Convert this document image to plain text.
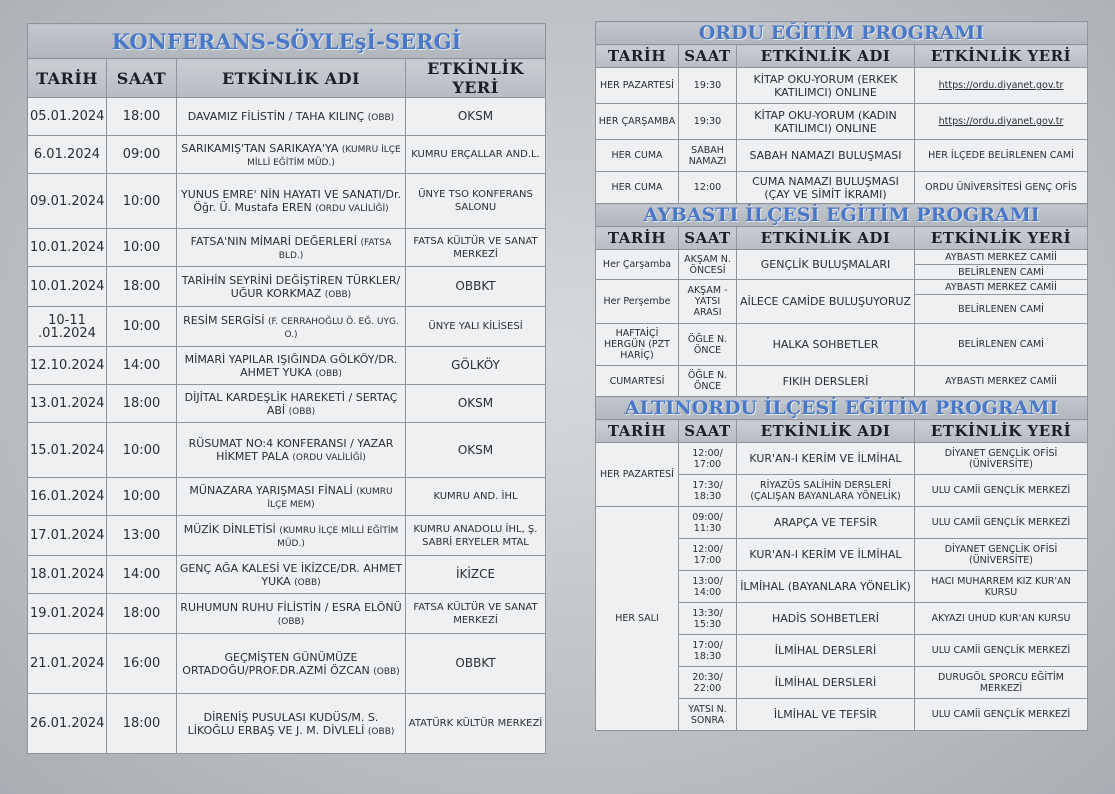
KONFERANS-SÖYLEşİ-SERGİ			
TARİH	SAAT	ETKİNLİK ADI	ETKİNLİK YERİ
05.01.2024	18:00	DAVAMIZ FİLİSTİN / TAHA KILINÇ (OBB)	OKSM
6.01.2024	09:00	SARIKAMIŞ'TAN SARIKAYA'YA (KUMRU İLÇE MİLLİ EĞİTİM MÜD.)	KUMRU ERÇALLAR AND.L.
09.01.2024	10:00	YUNUS EMRE' NİN HAYATI VE SANATI/Dr. Öğr. Ü. Mustafa EREN (ORDU VALİLİĞİ)	ÜNYE TSO KONFERANS SALONU
10.01.2024	10:00	FATSA'NIN MİMARİ DEĞERLERİ (FATSA BLD.)	FATSA KÜLTÜR VE SANAT MERKEZİ
10.01.2024	18:00	TARİHİN SEYRİNİ DEĞİŞTİREN TÜRKLER/ UĞUR KORKMAZ (OBB)	OBBKT
10-11 .01.2024	10:00	RESİM SERGİSİ (F. CERRAHOĞLU Ö. EĞ. UYG. O.)	ÜNYE YALI KİLİSESİ
12.10.2024	14:00	MİMARİ YAPILAR IŞIĞINDA GÖLKÖY/DR. AHMET YUKA (OBB)	GÖLKÖY
13.01.2024	18:00	DİJİTAL KARDEŞLİK HAREKETİ / SERTAÇ ABİ (OBB)	OKSM
15.01.2024	10:00	RÜSUMAT NO:4 KONFERANSI / YAZAR HİKMET PALA (ORDU VALİLİĞİ)	OKSM
16.01.2024	10:00	MÜNAZARA YARIŞMASI FİNALİ (KUMRU İLÇE MEM)	KUMRU AND. İHL
17.01.2024	13:00	MÜZİK DİNLETİSİ (KUMRU İLÇE MİLLİ EĞİTİM MÜD.)	KUMRU ANADOLU İHL, Ş. SABRİ ERYELER MTAL
18.01.2024	14:00	GENÇ AĞA KALESİ VE İKİZCE/DR. AHMET YUKA (OBB)	İKİZCE
19.01.2024	18:00	RUHUMUN RUHU FİLİSTİN / ESRA ELÖNÜ (OBB)	FATSA KÜLTÜR VE SANAT MERKEZİ
21.01.2024	16:00	GEÇMİŞTEN GÜNÜMÜZE ORTADOĞU/PROF.DR.AZMİ ÖZCAN (OBB)	OBBKT
26.01.2024	18:00	DİRENİŞ PUSULASI KUDÜS/M. S. LİKOĞLU ERBAŞ VE J. M. DİVLELİ (OBB)	ATATÜRK KÜLTÜR MERKEZİ
ORDU EĞİTİM PROGRAMI			
TARİH	SAAT	ETKİNLİK ADI	ETKİNLİK YERİ
HER PAZARTESİ	19:30	KİTAP OKU-YORUM (ERKEK KATILIMCI) ONLINE	https://ordu.diyanet.gov.tr
HER ÇARŞAMBA	19:30	KİTAP OKU-YORUM (KADIN KATILIMCI) ONLINE	https://ordu.diyanet.gov.tr
HER CUMA	SABAH NAMAZI	SABAH NAMAZI BULUŞMASI	HER İLÇEDE BELİRLENEN CAMİ
HER CUMA	12:00	CUMA NAMAZI BULUŞMASI (ÇAY VE SİMİT İKRAMI)	ORDU ÜNİVERSİTESİ GENÇ OFİS
AYBASTI İLÇESİ EĞİTİM PROGRAMI			
TARİH	SAAT	ETKİNLİK ADI	ETKİNLİK YERİ
Her Çarşamba	AKŞAM N. ÖNCESİ	GENÇLİK BULUŞMALARI	AYBASTI MERKEZ CAMİİ
			BELİRLENEN CAMİ
Her Perşembe	AKŞAM - YATSI ARASI	AİLECE CAMİDE BULUŞUYORUZ	AYBASTI MERKEZ CAMİİ
			BELİRLENEN CAMİ
HAFTAİÇİ HERGÜN (PZT HARİÇ)	ÖĞLE N. ÖNCE	HALKA SOHBETLER	BELİRLENEN CAMİ
CUMARTESİ	ÖĞLE N. ÖNCE	FIKIH DERSLERİ	AYBASTI MERKEZ CAMİİ
ALTINORDU İLÇESİ EĞİTİM PROGRAMI			
TARİH	SAAT	ETKİNLİK ADI	ETKİNLİK YERİ
HER PAZARTESİ	12:00/ 17:00	KUR'AN-I KERİM VE İLMİHAL	DİYANET GENÇLİK OFİSİ (ÜNİVERSİTE)
	17:30/ 18:30	RİYAZÜS SALİHİN DERSLERİ (ÇALIŞAN BAYANLARA YÖNELİK)	ULU CAMİİ GENÇLİK MERKEZİ
HER SALI	09:00/ 11:30	ARAPÇA VE TEFSİR	ULU CAMİİ GENÇLİK MERKEZİ
	12:00/ 17:00	KUR'AN-I KERİM VE İLMİHAL	DİYANET GENÇLİK OFİSİ (ÜNİVERSİTE)
	13:00/ 14:00	İLMİHAL (BAYANLARA YÖNELİK)	HACI MUHARREM KIZ KUR'AN KURSU
	13:30/ 15:30	HADİS SOHBETLERİ	AKYAZI UHUD KUR'AN KURSU
	17:00/ 18:30	İLMİHAL DERSLERİ	ULU CAMİİ GENÇLİK MERKEZİ
	20:30/ 22:00	İLMİHAL DERSLERİ	DURUGÖL SPORCU EĞİTİM MERKEZİ
	YATSI N. SONRA	İLMİHAL VE TEFSİR	ULU CAMİİ GENÇLİK MERKEZİ
